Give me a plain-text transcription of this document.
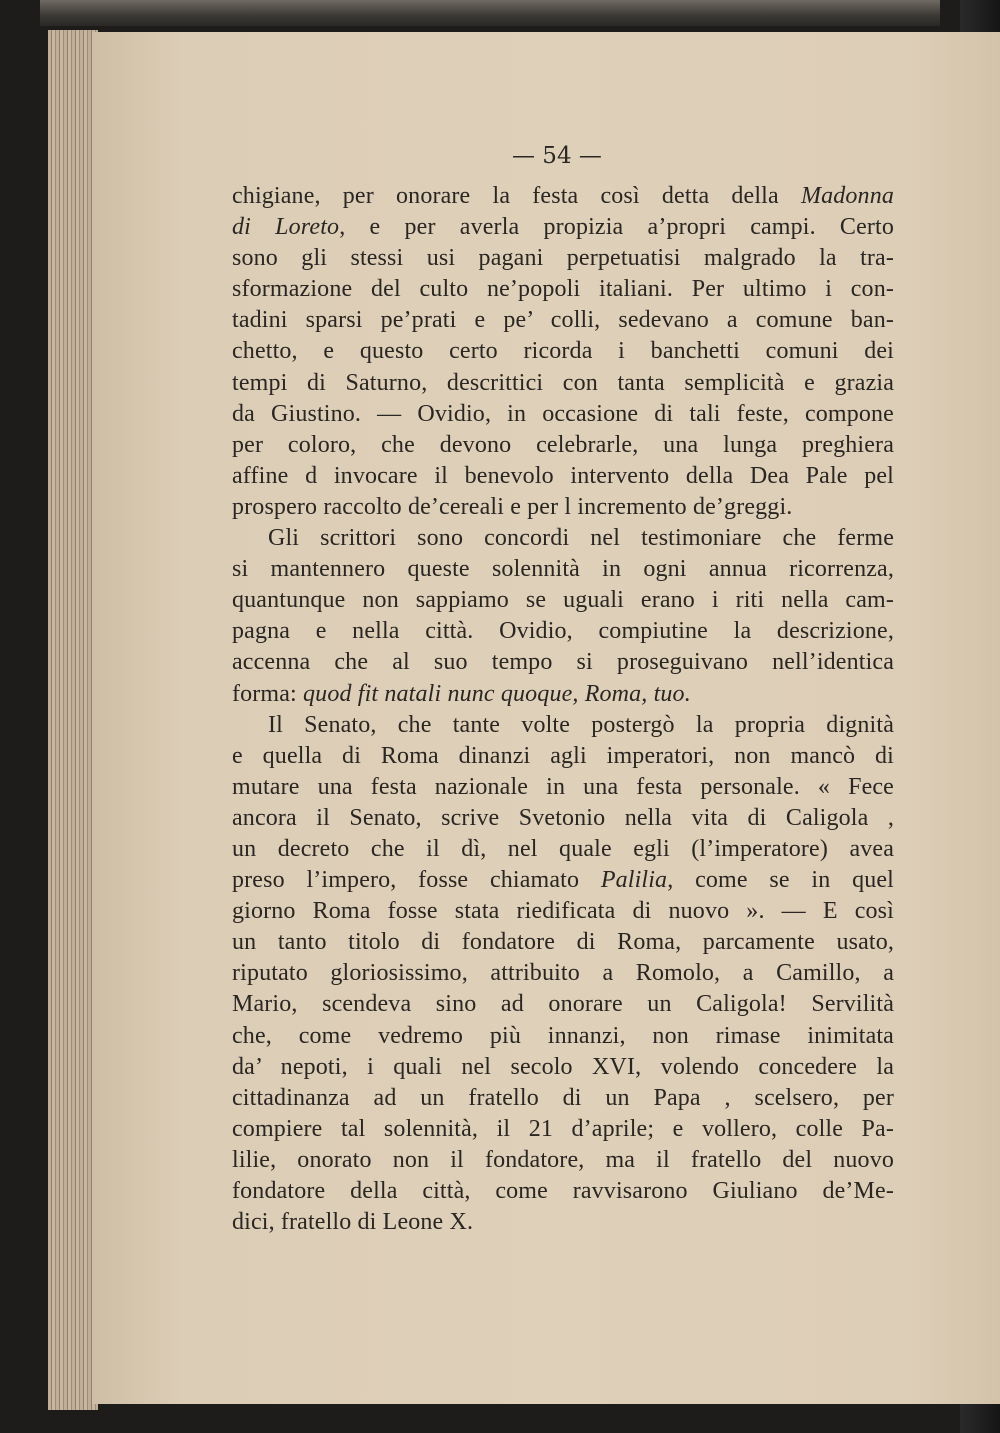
— 54 —
chigiane, per onorare la festa così detta della Madonna
di Loreto, e per averla propizia a’propri campi. Certo
sono gli stessi usi pagani perpetuatisi malgrado la tra-
sformazione del culto ne’popoli italiani. Per ultimo i con-
tadini sparsi pe’prati e pe’ colli, sedevano a comune ban-
chetto, e questo certo ricorda i banchetti comuni dei
tempi di Saturno, descrittici con tanta semplicità e grazia
da Giustino. — Ovidio, in occasione di tali feste, compone
per coloro, che devono celebrarle, una lunga preghiera
affine d invocare il benevolo intervento della Dea Pale pel
prospero raccolto de’cereali e per l incremento de’greggi.
Gli scrittori sono concordi nel testimoniare che ferme
si mantennero queste solennità in ogni annua ricorrenza,
quantunque non sappiamo se uguali erano i riti nella cam-
pagna e nella città. Ovidio, compiutine la descrizione,
accenna che al suo tempo si proseguivano nell’identica
forma: quod fit natali nunc quoque, Roma, tuo.
Il Senato, che tante volte postergò la propria dignità
e quella di Roma dinanzi agli imperatori, non mancò di
mutare una festa nazionale in una festa personale. « Fece
ancora il Senato, scrive Svetonio nella vita di Caligola ,
un decreto che il dì, nel quale egli (l’imperatore) avea
preso l’impero, fosse chiamato Palilia, come se in quel
giorno Roma fosse stata riedificata di nuovo ». — E così
un tanto titolo di fondatore di Roma, parcamente usato,
riputato gloriosissimo, attribuito a Romolo, a Camillo, a
Mario, scendeva sino ad onorare un Caligola! Servilità
che, come vedremo più innanzi, non rimase inimitata
da’ nepoti, i quali nel secolo XVI, volendo concedere la
cittadinanza ad un fratello di un Papa , scelsero, per
compiere tal solennità, il 21 d’aprile; e vollero, colle Pa-
lilie, onorato non il fondatore, ma il fratello del nuovo
fondatore della città, come ravvisarono Giuliano de’Me-
dici, fratello di Leone X.
